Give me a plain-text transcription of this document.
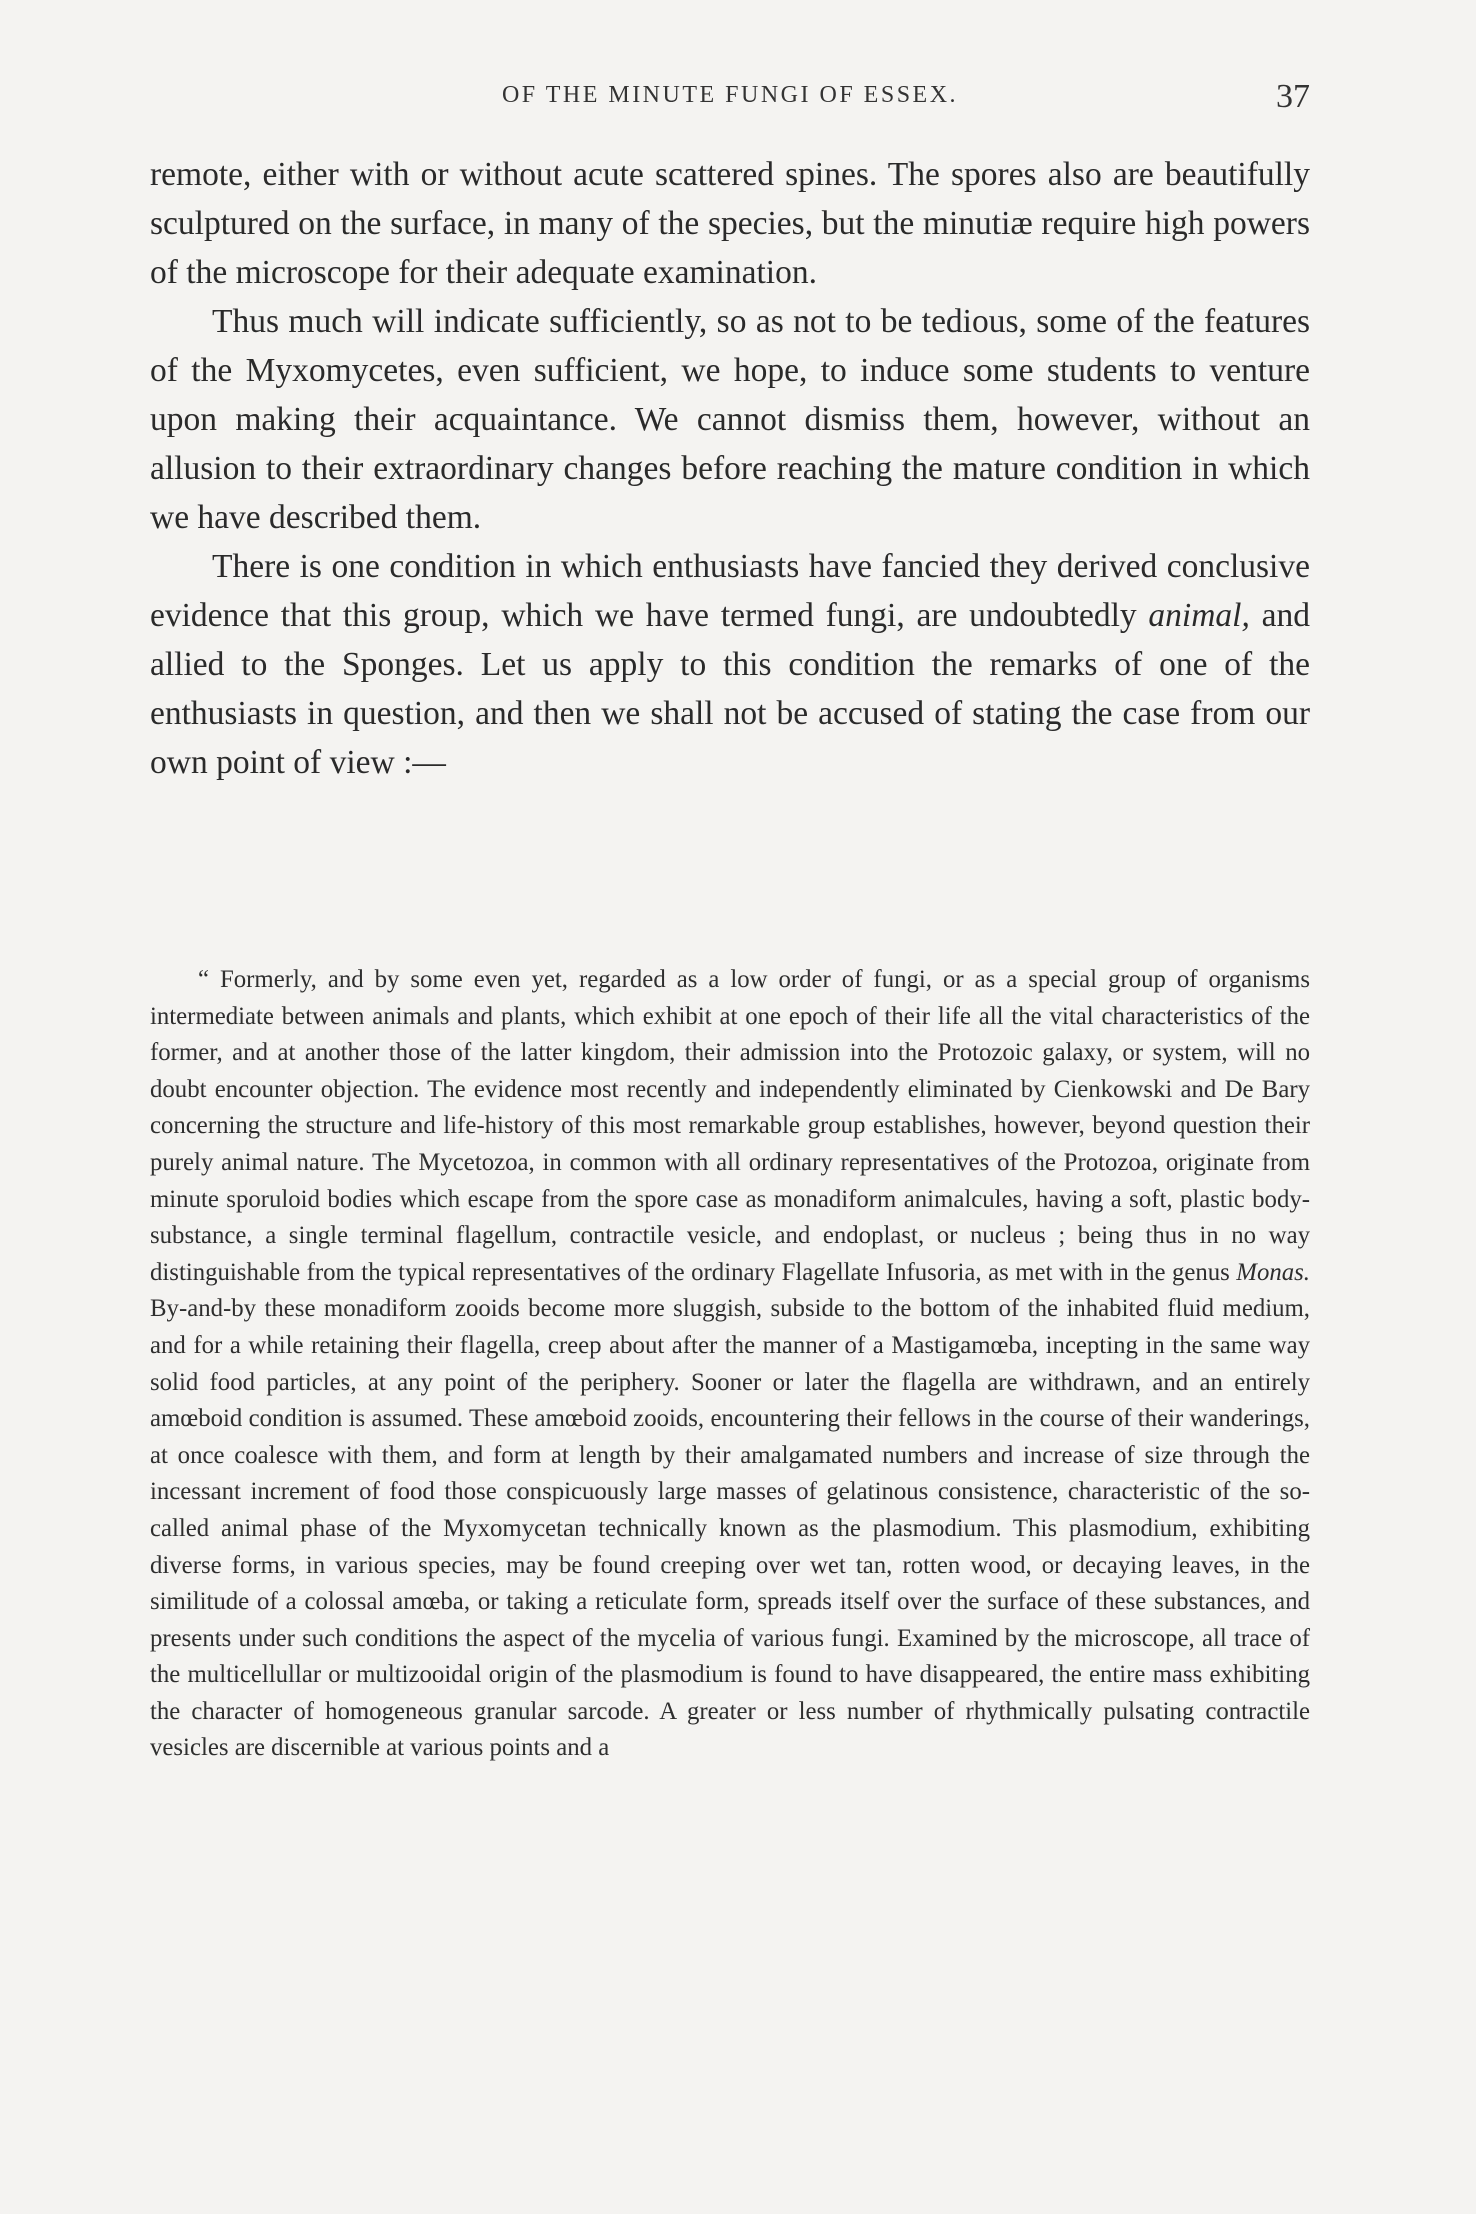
OF THE MINUTE FUNGI OF ESSEX.	37

remote, either with or without acute scattered spines. The spores also are beautifully sculptured on the surface, in many of the species, but the minutiæ require high powers of the microscope for their adequate examination.

Thus much will indicate sufficiently, so as not to be tedious, some of the features of the Myxomycetes, even sufficient, we hope, to induce some students to venture upon making their acquaintance. We cannot dismiss them, however, without an allusion to their extraordinary changes before reaching the mature condition in which we have described them.

There is one condition in which enthusiasts have fancied they derived conclusive evidence that this group, which we have termed fungi, are undoubtedly animal, and allied to the Sponges. Let us apply to this condition the remarks of one of the enthusiasts in question, and then we shall not be accused of stating the case from our own point of view :—

“ Formerly, and by some even yet, regarded as a low order of fungi, or as a special group of organisms intermediate between animals and plants, which exhibit at one epoch of their life all the vital characteristics of the former, and at another those of the latter kingdom, their admission into the Protozoic galaxy, or system, will no doubt encounter objection. The evidence most recently and independently eliminated by Cienkowski and De Bary concerning the structure and life-history of this most remarkable group establishes, however, beyond question their purely animal nature. The Mycetozoa, in common with all ordinary representatives of the Protozoa, originate from minute sporuloid bodies which escape from the spore case as monadiform animalcules, having a soft, plastic body-substance, a single terminal flagellum, contractile vesicle, and endoplast, or nucleus ; being thus in no way distinguishable from the typical representatives of the ordinary Flagellate Infusoria, as met with in the genus Monas. By-and-by these monadiform zooids become more sluggish, subside to the bottom of the inhabited fluid medium, and for a while retaining their flagella, creep about after the manner of a Mastigamœba, incepting in the same way solid food particles, at any point of the periphery. Sooner or later the flagella are withdrawn, and an entirely amœboid condition is assumed. These amœboid zooids, encountering their fellows in the course of their wanderings, at once coalesce with them, and form at length by their amalgamated numbers and increase of size through the incessant increment of food those conspicuously large masses of gelatinous consistence, characteristic of the so-called animal phase of the Myxomycetan technically known as the plasmodium. This plasmodium, exhibiting diverse forms, in various species, may be found creeping over wet tan, rotten wood, or decaying leaves, in the similitude of a colossal amœba, or taking a reticulate form, spreads itself over the surface of these substances, and presents under such conditions the aspect of the mycelia of various fungi. Examined by the microscope, all trace of the multicellullar or multizooidal origin of the plasmodium is found to have disappeared, the entire mass exhibiting the character of homogeneous granular sarcode. A greater or less number of rhythmically pulsating contractile vesicles are discernible at various points and a
